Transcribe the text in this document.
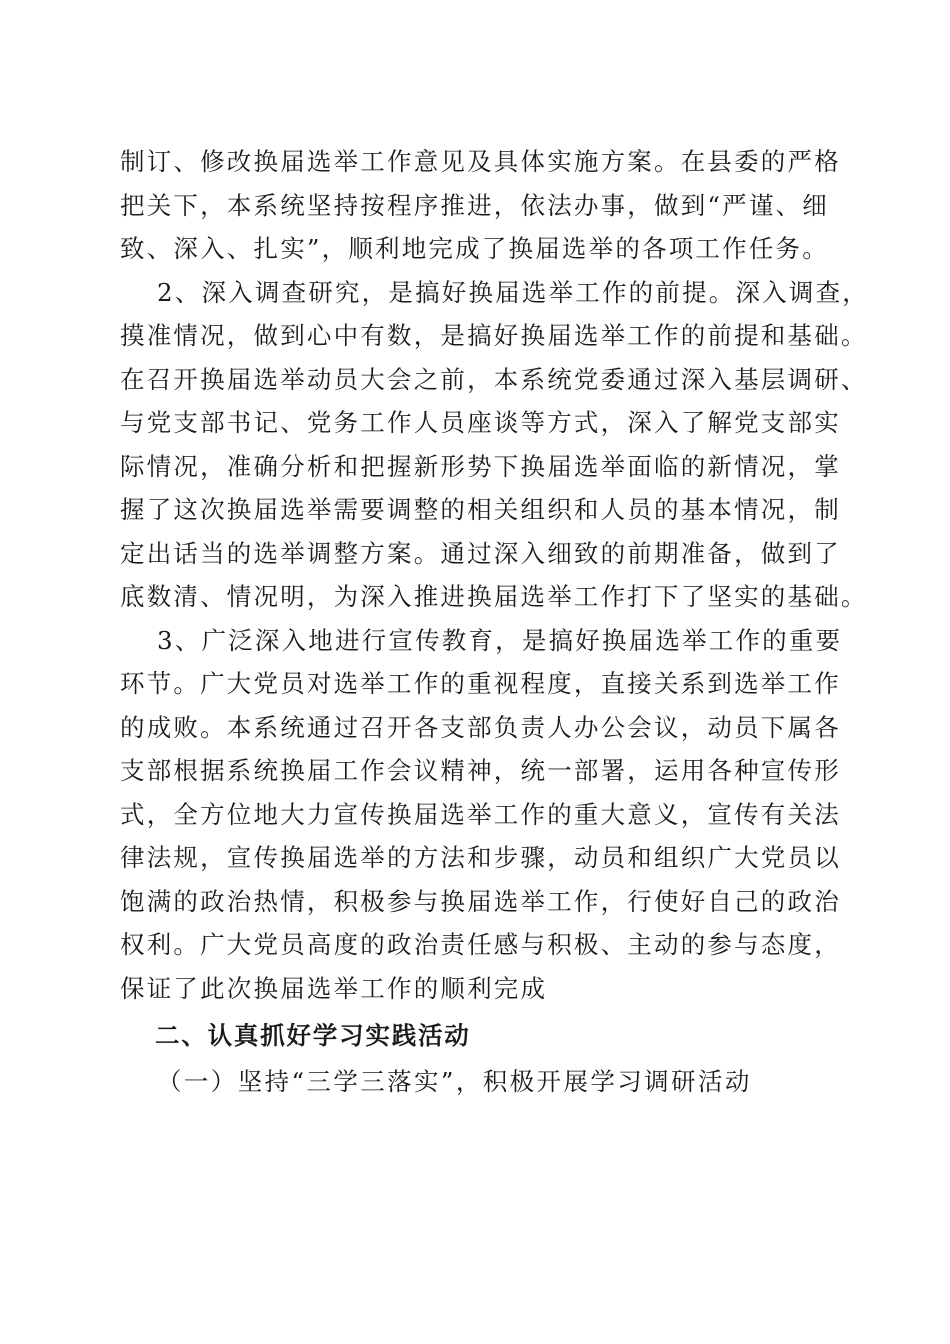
制订、修改换届选举工作意见及具体实施方案。在县委的严格
把关下，本系统坚持按程序推进，依法办事，做到“严谨、细
致、深入、扎实”，顺利地完成了换届选举的各项工作任务。
2、深入调查研究，是搞好换届选举工作的前提。深入调查，
摸准情况，做到心中有数，是搞好换届选举工作的前提和基础。
在召开换届选举动员大会之前，本系统党委通过深入基层调研、
与党支部书记、党务工作人员座谈等方式，深入了解党支部实
际情况，准确分析和把握新形势下换届选举面临的新情况，掌
握了这次换届选举需要调整的相关组织和人员的基本情况，制
定出话当的选举调整方案。通过深入细致的前期准备，做到了
底数清、情况明，为深入推进换届选举工作打下了坚实的基础。
3、广泛深入地进行宣传教育，是搞好换届选举工作的重要
环节。广大党员对选举工作的重视程度，直接关系到选举工作
的成败。本系统通过召开各支部负责人办公会议，动员下属各
支部根据系统换届工作会议精神，统一部署，运用各种宣传形
式，全方位地大力宣传换届选举工作的重大意义，宣传有关法
律法规，宣传换届选举的方法和步骤，动员和组织广大党员以
饱满的政治热情，积极参与换届选举工作，行使好自己的政治
权利。广大党员高度的政治责任感与积极、主动的参与态度，
保证了此次换届选举工作的顺利完成
二、认真抓好学习实践活动
（一）坚持“三学三落实”，积极开展学习调研活动
